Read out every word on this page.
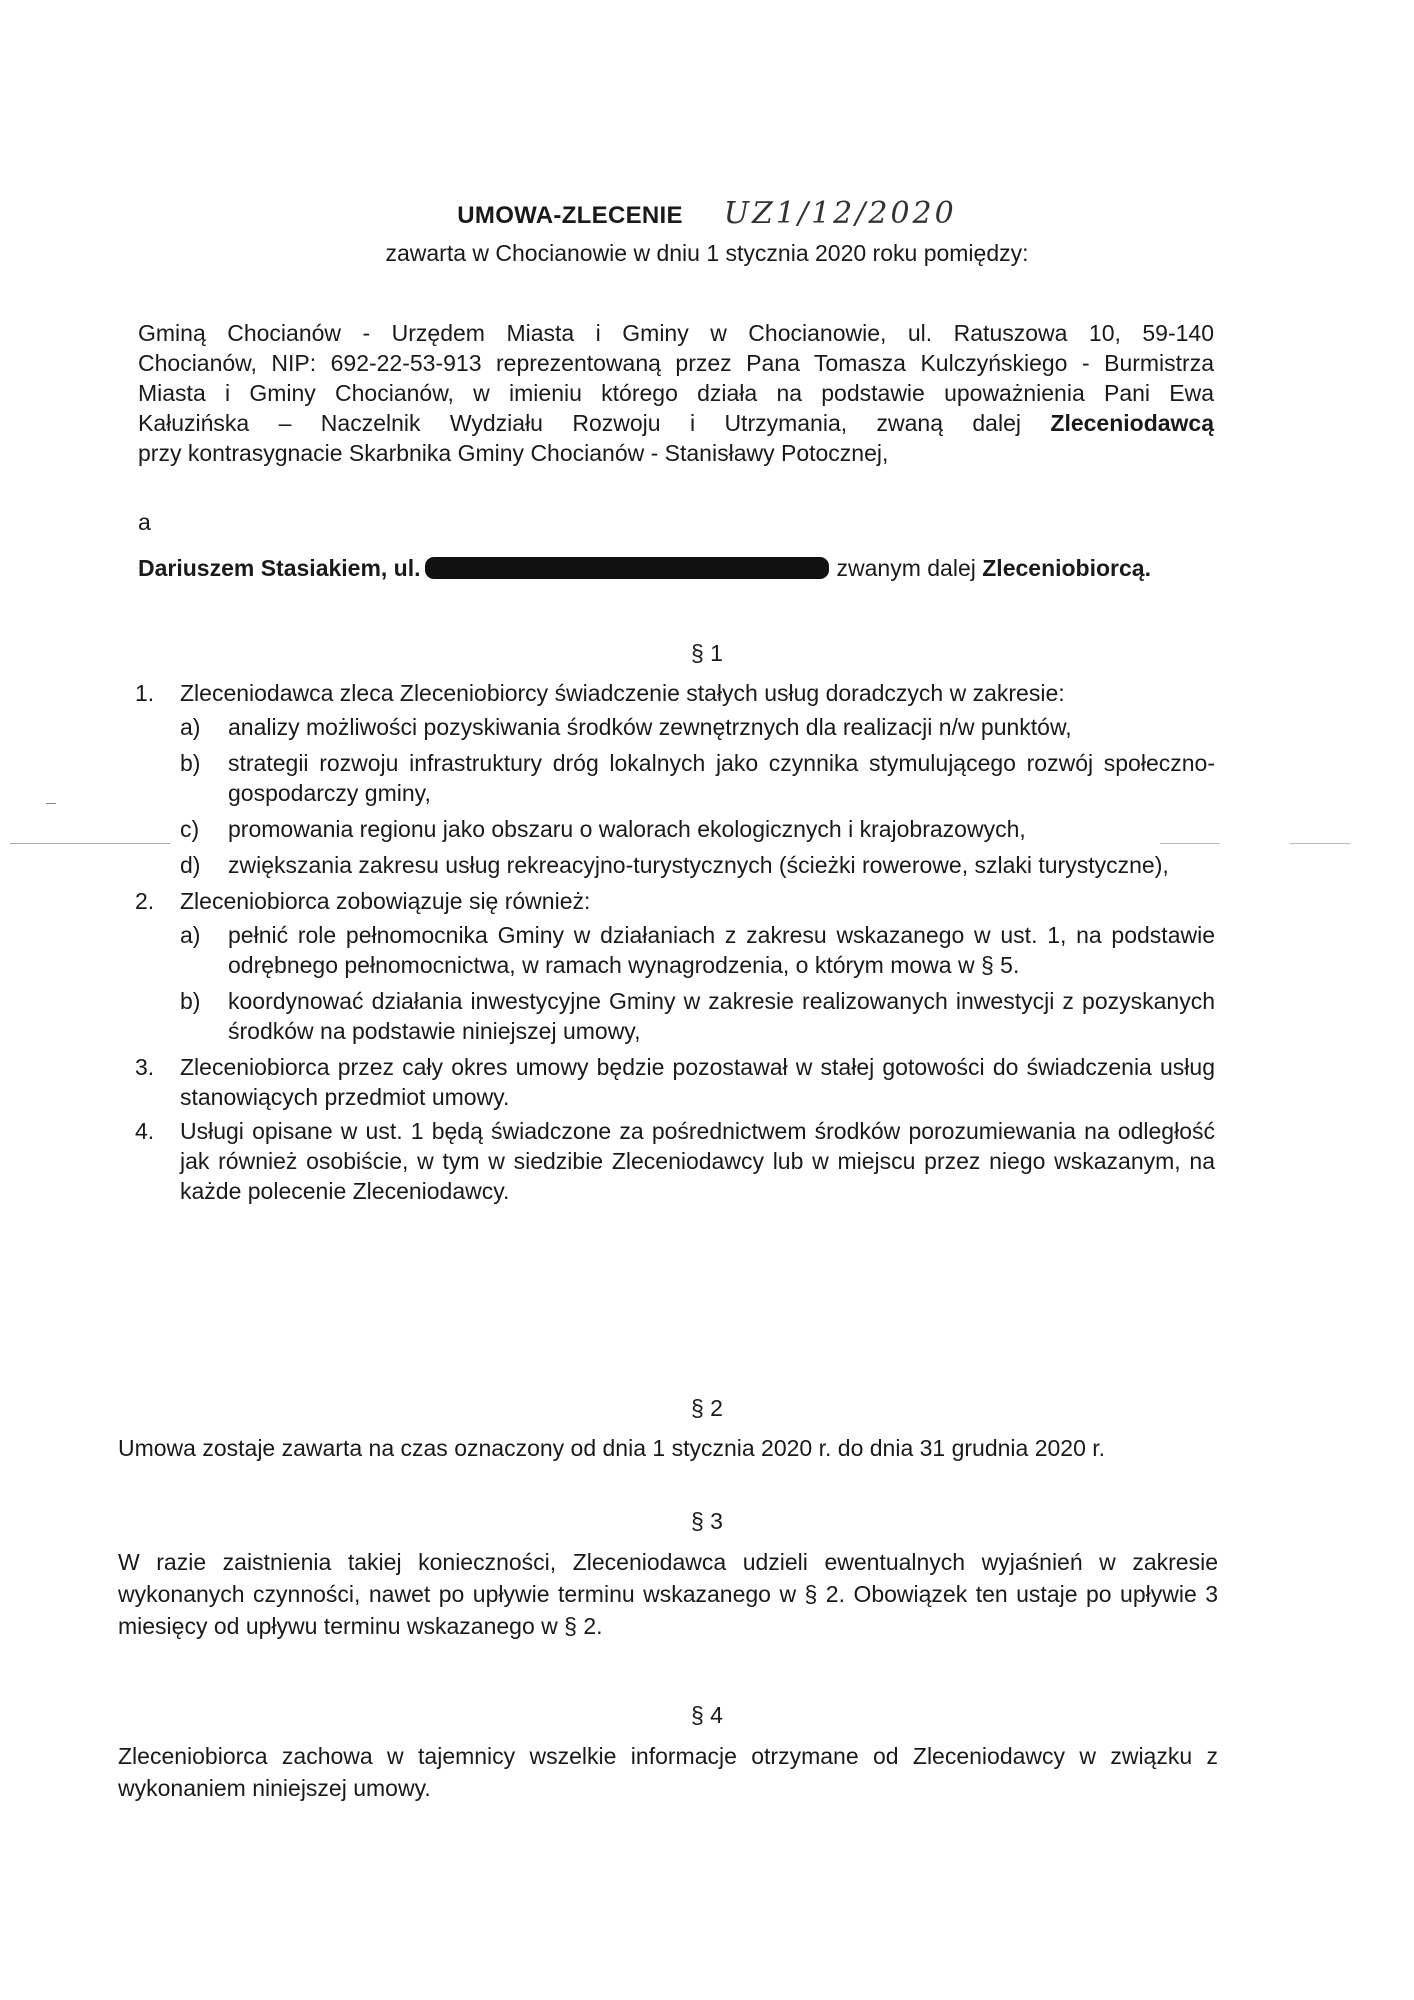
UMOWA-ZLECENIE UZ1/12/2020
zawarta w Chocianowie w dniu 1 stycznia 2020 roku pomiędzy:
Gminą Chocianów - Urzędem Miasta i Gminy w Chocianowie, ul. Ratuszowa 10, 59-140
Chocianów, NIP: 692-22-53-913 reprezentowaną przez Pana Tomasza Kulczyńskiego - Burmistrza
Miasta i Gminy Chocianów, w imieniu którego działa na podstawie upoważnienia Pani Ewa
Kałuzińska – Naczelnik Wydziału Rozwoju i Utrzymania, zwaną dalej Zleceniodawcą
przy kontrasygnacie Skarbnika Gminy Chocianów - Stanisławy Potocznej,
a
Dariuszem Stasiakiem, ul.	zwanym dalej Zleceniobiorcą.
§ 1
1. Zleceniodawca zleca Zleceniobiorcy świadczenie stałych usług doradczych w zakresie:
a) analizy możliwości pozyskiwania środków zewnętrznych dla realizacji n/w punktów,
b) strategii rozwoju infrastruktury dróg lokalnych jako czynnika stymulującego rozwój społeczno-gospodarczy gminy,
c) promowania regionu jako obszaru o walorach ekologicznych i krajobrazowych,
d) zwiększania zakresu usług rekreacyjno-turystycznych (ścieżki rowerowe, szlaki turystyczne),
2. Zleceniobiorca zobowiązuje się również:
a) pełnić role pełnomocnika Gminy w działaniach z zakresu wskazanego w ust. 1, na podstawie odrębnego pełnomocnictwa, w ramach wynagrodzenia, o którym mowa w § 5.
b) koordynować działania inwestycyjne Gminy w zakresie realizowanych inwestycji z pozyskanych środków na podstawie niniejszej umowy,
3. Zleceniobiorca przez cały okres umowy będzie pozostawał w stałej gotowości do świadczenia usług stanowiących przedmiot umowy.
4. Usługi opisane w ust. 1 będą świadczone za pośrednictwem środków porozumiewania na odległość jak również osobiście, w tym w siedzibie Zleceniodawcy lub w miejscu przez niego wskazanym, na każde polecenie Zleceniodawcy.
§ 2
Umowa zostaje zawarta na czas oznaczony od dnia 1 stycznia 2020 r. do dnia 31 grudnia 2020 r.
§ 3
W razie zaistnienia takiej konieczności, Zleceniodawca udzieli ewentualnych wyjaśnień w zakresie wykonanych czynności, nawet po upływie terminu wskazanego w § 2. Obowiązek ten ustaje po upływie 3 miesięcy od upływu terminu wskazanego w § 2.
§ 4
Zleceniobiorca zachowa w tajemnicy wszelkie informacje otrzymane od Zleceniodawcy w związku z wykonaniem niniejszej umowy.
